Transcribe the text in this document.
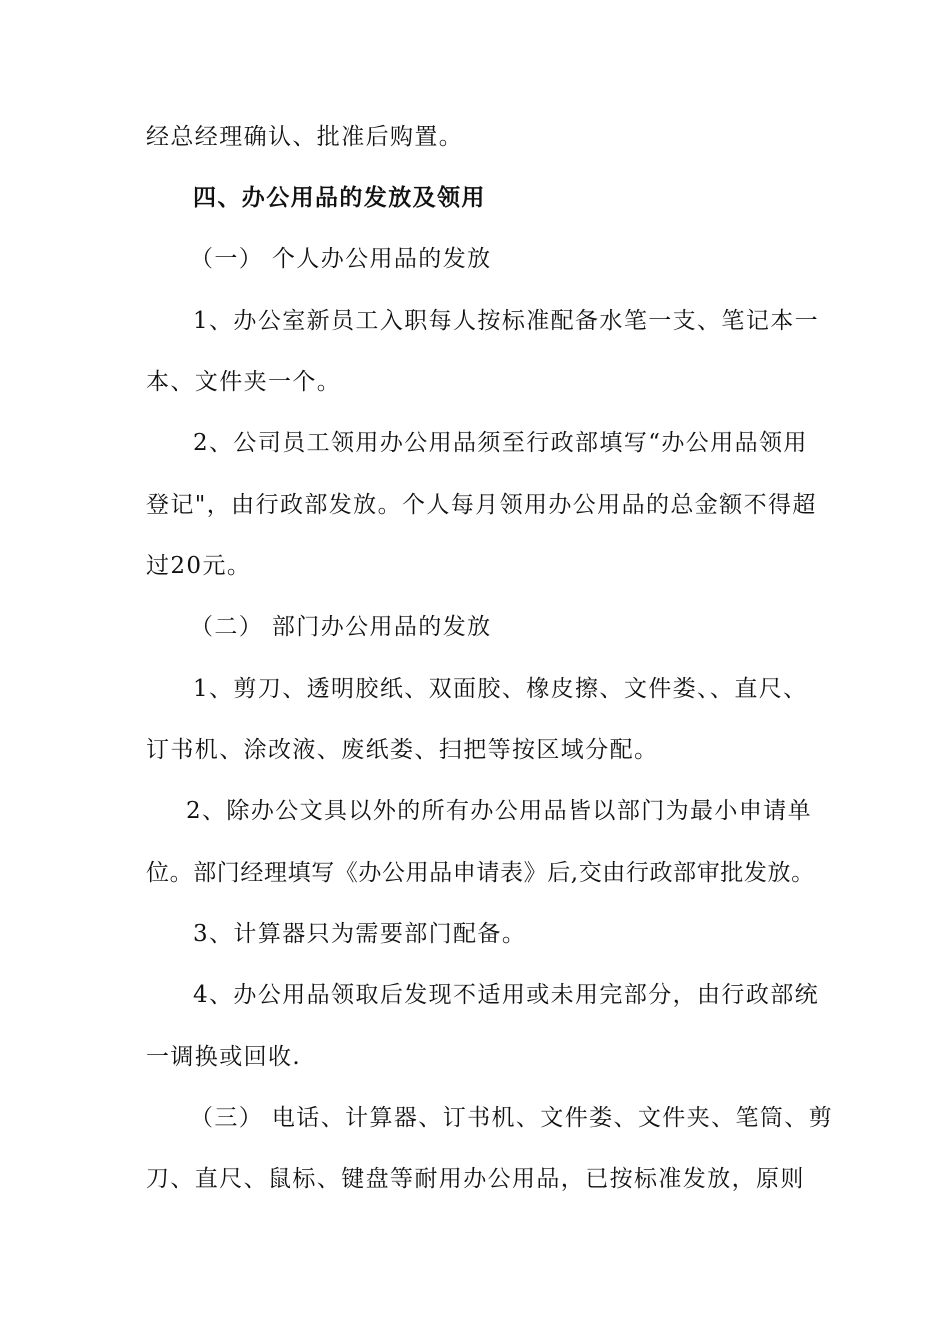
经总经理确认、批准后购置。
四、办公用品的发放及领用
（一） 个人办公用品的发放
1、办公室新员工入职每人按标准配备水笔一支、笔记本一
本、文件夹一个。
2、公司员工领用办公用品须至行政部填写“办公用品领用
登记"，由行政部发放。个人每月领用办公用品的总金额不得超
过20元。
（二） 部门办公用品的发放
1、剪刀、透明胶纸、双面胶、橡皮擦、文件娄、、直尺、
订书机、涂改液、废纸娄、扫把等按区域分配。
2、除办公文具以外的所有办公用品皆以部门为最小申请单
位。部门经理填写《办公用品申请表》后,交由行政部审批发放。
3、计算器只为需要部门配备。
4、办公用品领取后发现不适用或未用完部分，由行政部统
一调换或回收.
（三） 电话、计算器、订书机、文件娄、文件夹、笔筒、剪
刀、直尺、鼠标、键盘等耐用办公用品，已按标准发放，原则
